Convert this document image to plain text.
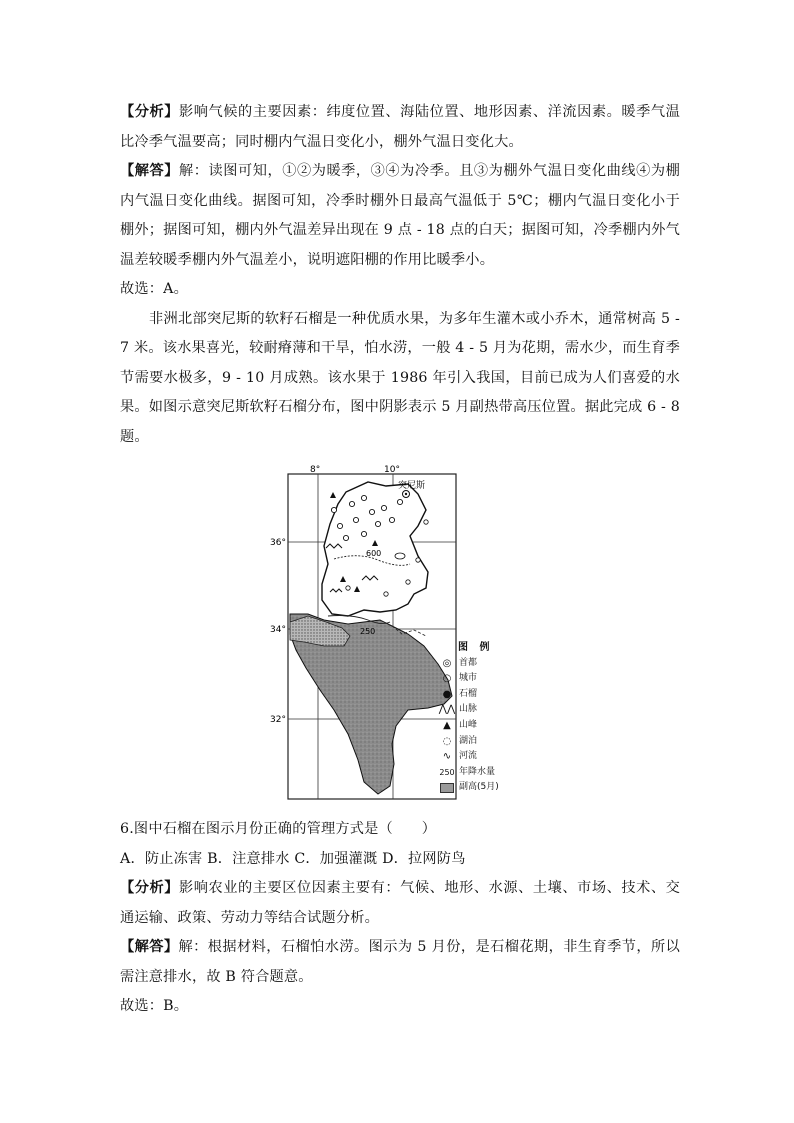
【分析】影响气候的主要因素：纬度位置、海陆位置、地形因素、洋流因素。暖季气温比冷季气温要高；同时棚内气温日变化小，棚外气温日变化大。

【解答】解：读图可知，①②为暖季，③④为冷季。且③为棚外气温日变化曲线④为棚内气温日变化曲线。据图可知，冷季时棚外日最高气温低于 5℃；棚内气温日变化小于棚外；据图可知，棚内外气温差异出现在 9 点 - 18 点的白天；据图可知，冷季棚内外气温差较暖季棚内外气温差小，说明遮阳棚的作用比暖季小。

故选：A。

非洲北部突尼斯的软籽石榴是一种优质水果，为多年生灌木或小乔木，通常树高 5 - 7 米。该水果喜光，较耐瘠薄和干旱，怕水涝，一般 4 - 5 月为花期，需水少，而生育季节需要水极多，9 - 10 月成熟。该水果于 1986 年引入我国，目前已成为人们喜爱的水果。如图示意突尼斯软籽石榴分布，图中阴影表示 5 月副热带高压位置。据此完成 6 - 8 题。

8°	10°
36°
34°
32°
突尼斯
600
250
图 例
◎ 首都
○ 城市
● 石榴
⋀⋀ 山脉
▲ 山峰
◌ 湖泊
∿ 河流
250 年降水量
副高(5月)

6.图中石榴在图示月份正确的管理方式是（　　）

A．防止冻害 B．注意排水 C．加强灌溉 D．拉网防鸟

【分析】影响农业的主要区位因素主要有：气候、地形、水源、土壤、市场、技术、交通运输、政策、劳动力等结合试题分析。

【解答】解：根据材料，石榴怕水涝。图示为 5 月份，是石榴花期，非生育季节，所以需注意排水，故 B 符合题意。

故选：B。
